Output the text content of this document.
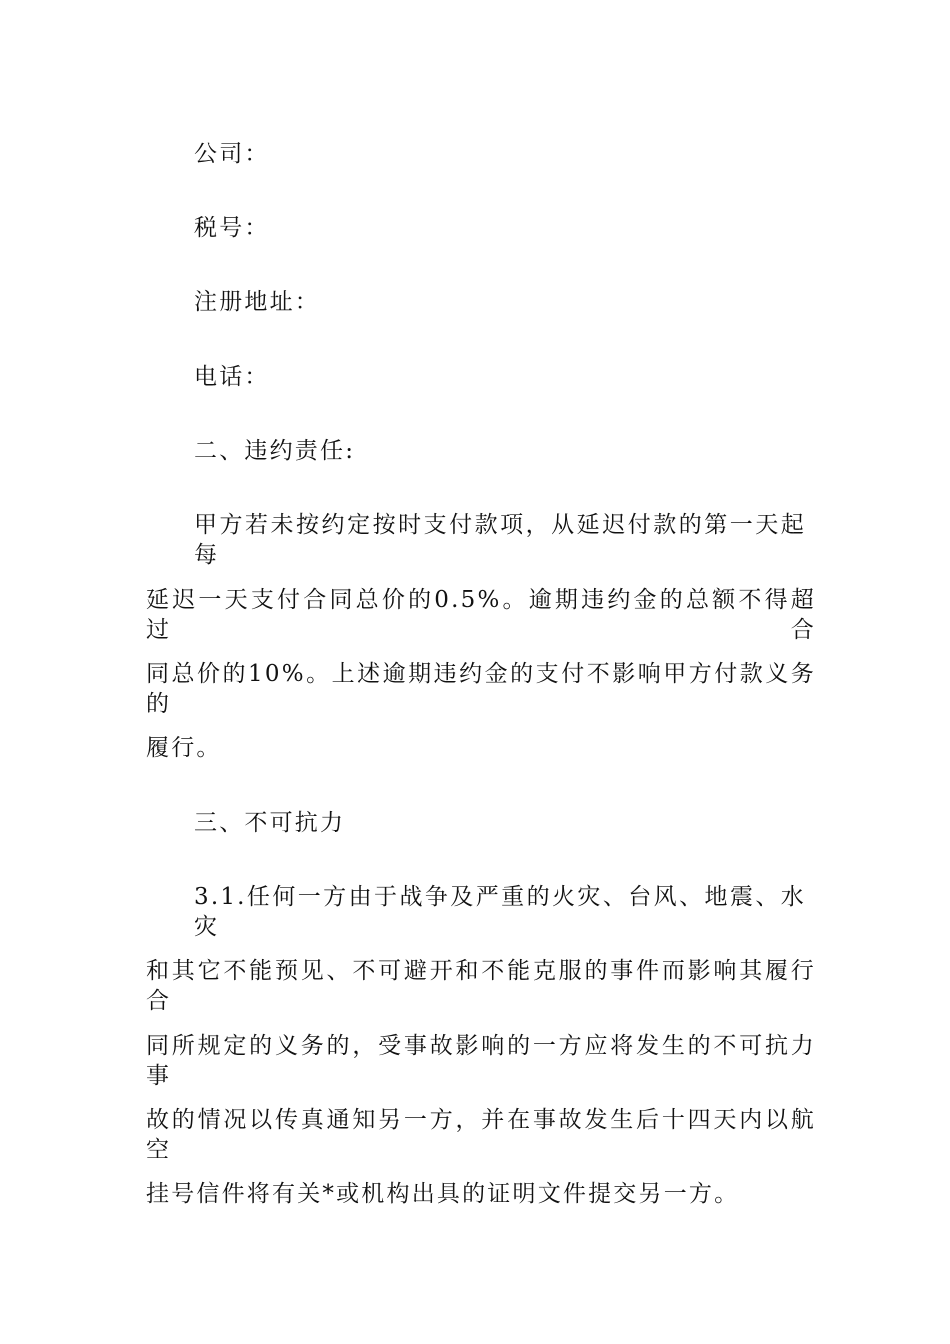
公司：
税号：
注册地址：
电话：
二、违约责任:
甲方若未按约定按时支付款项，从延迟付款的第一天起每
延迟一天支付合同总价的0.5%。逾期违约金的总额不得超过合
同总价的10%。上述逾期违约金的支付不影响甲方付款义务的
履行。
三、不可抗力
3.1.任何一方由于战争及严重的火灾、台风、地震、水灾
和其它不能预见、不可避开和不能克服的事件而影响其履行合
同所规定的义务的，受事故影响的一方应将发生的不可抗力事
故的情况以传真通知另一方，并在事故发生后十四天内以航空
挂号信件将有关*或机构出具的证明文件提交另一方。
